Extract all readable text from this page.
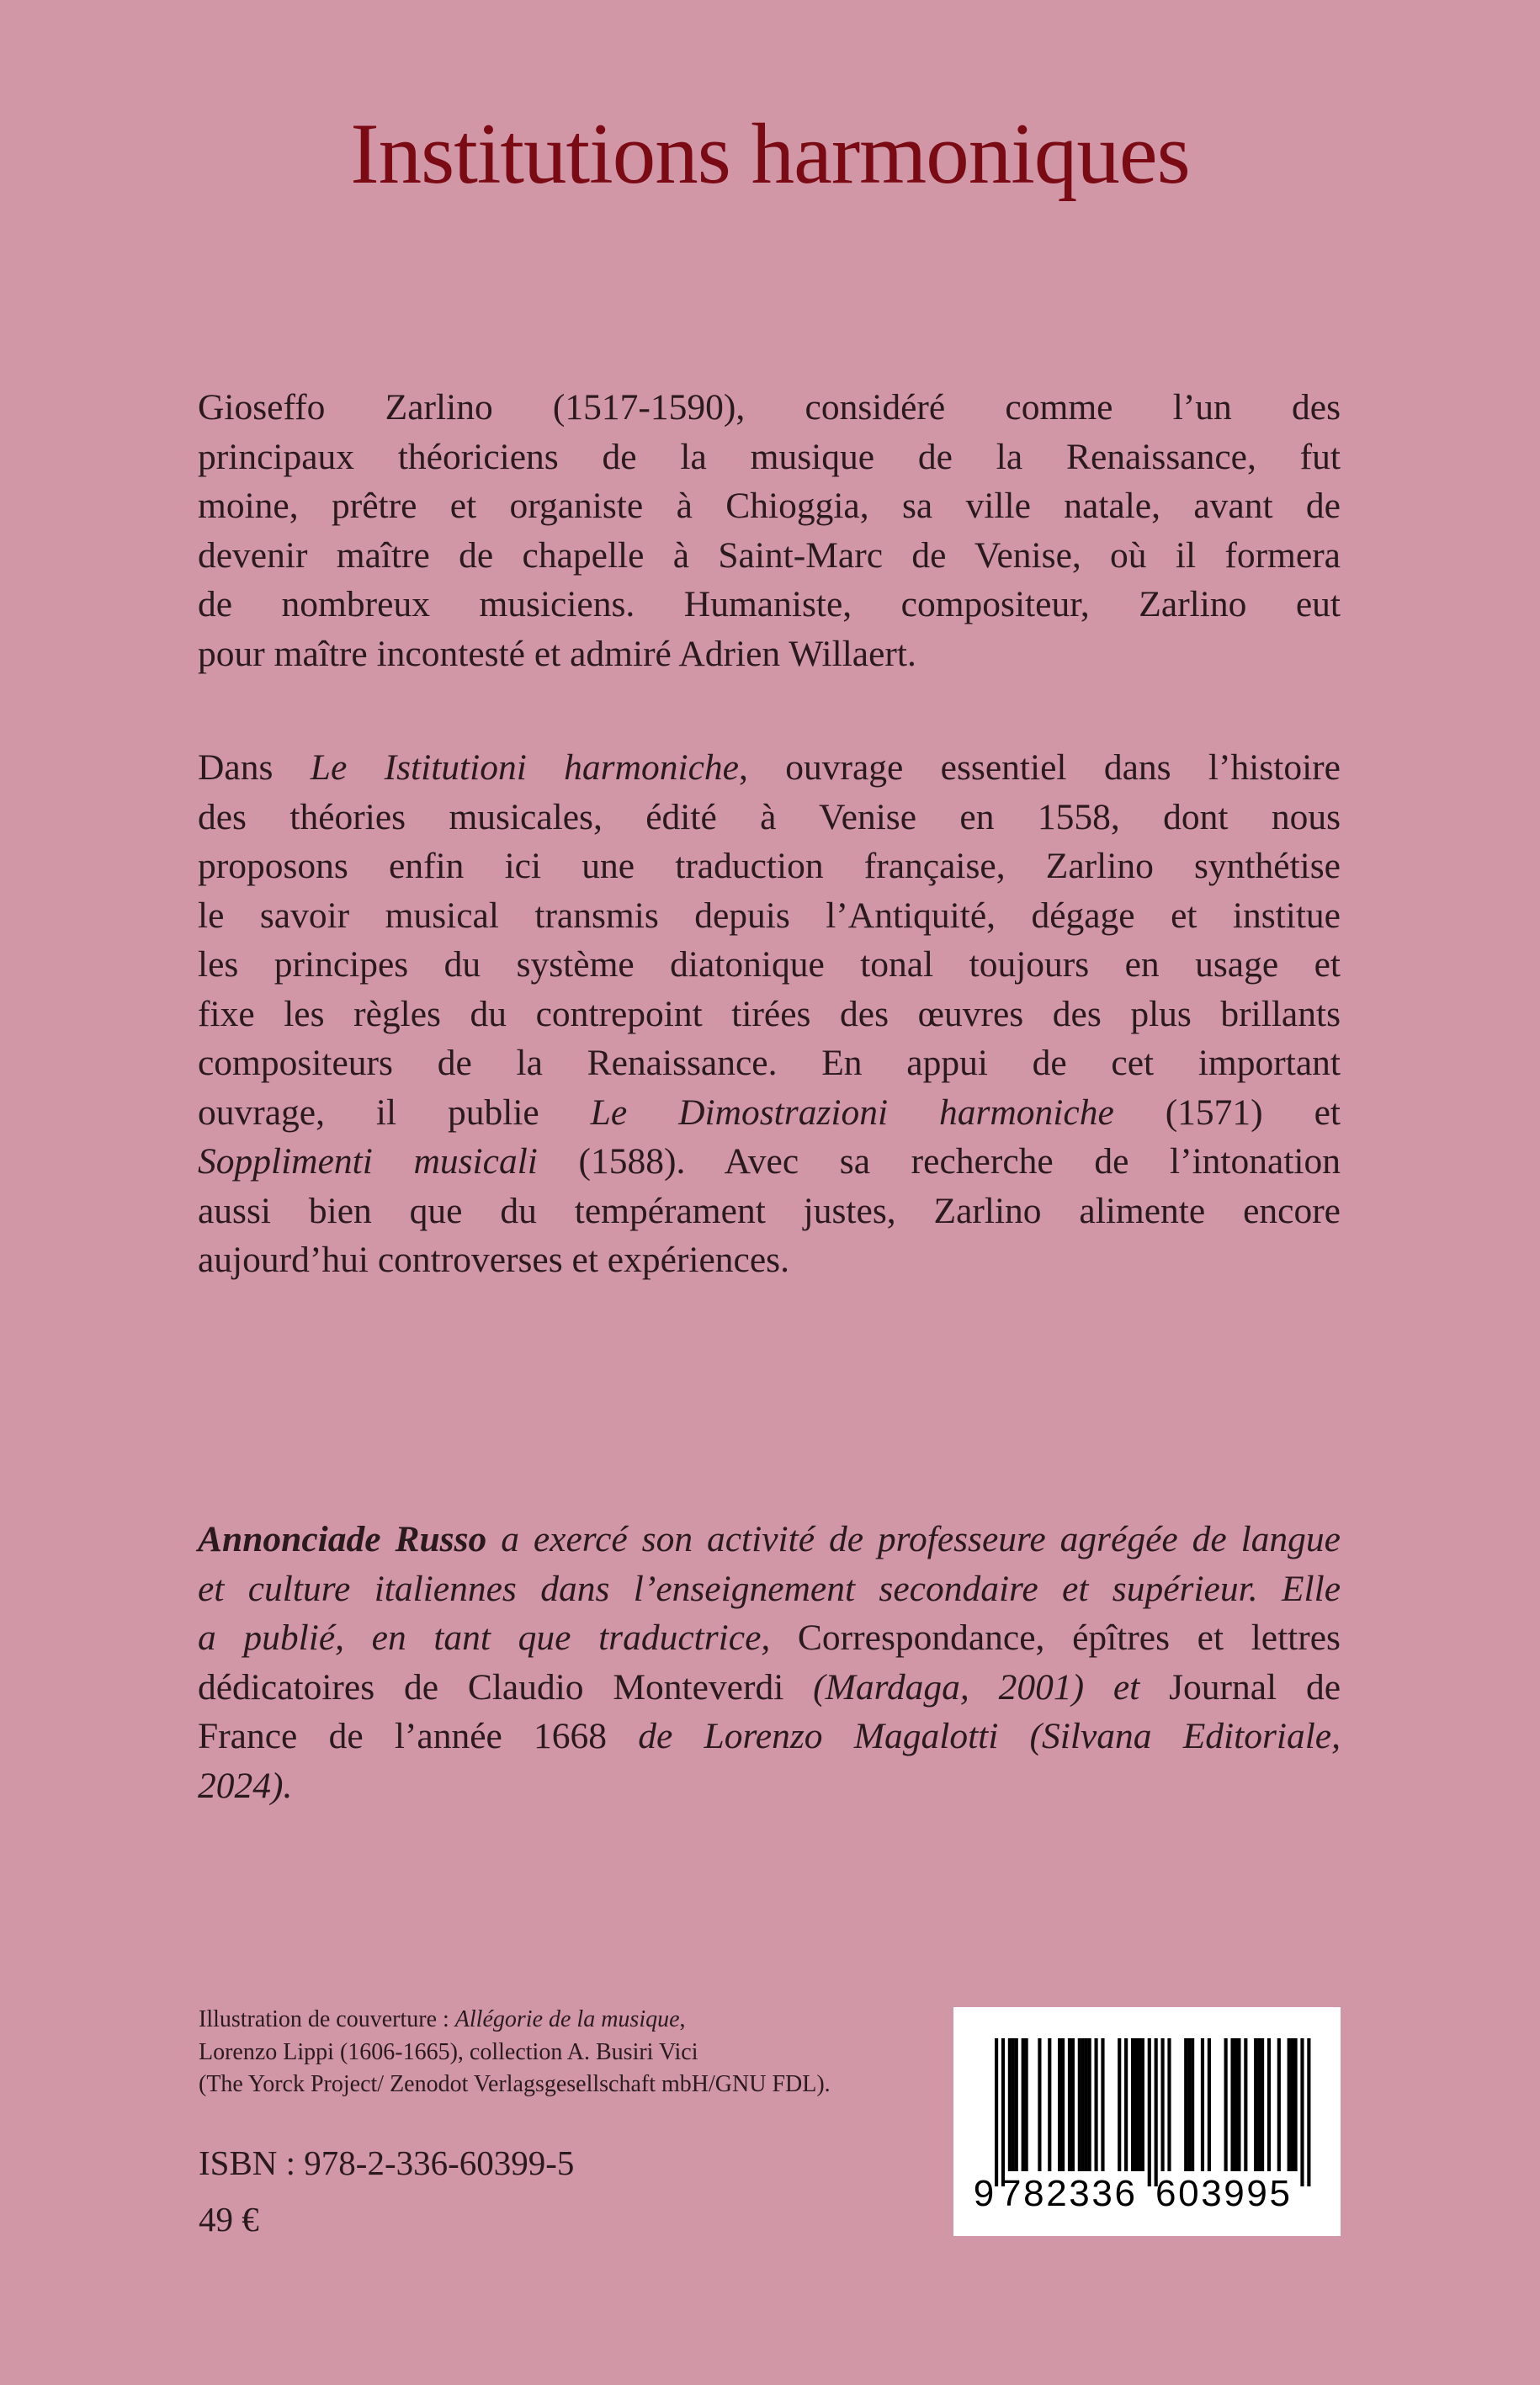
Institutions harmoniques
Gioseffo Zarlino (1517-1590), considéré comme l’un des
principaux théoriciens de la musique de la Renaissance, fut
moine, prêtre et organiste à Chioggia, sa ville natale, avant de
devenir maître de chapelle à Saint-Marc de Venise, où il formera
de nombreux musiciens. Humaniste, compositeur, Zarlino eut
pour maître incontesté et admiré Adrien Willaert.
Dans Le Istitutioni harmoniche, ouvrage essentiel dans l’histoire
des théories musicales, édité à Venise en 1558, dont nous
proposons enfin ici une traduction française, Zarlino synthétise
le savoir musical transmis depuis l’Antiquité, dégage et institue
les principes du système diatonique tonal toujours en usage et
fixe les règles du contrepoint tirées des œuvres des plus brillants
compositeurs de la Renaissance. En appui de cet important
ouvrage, il publie Le Dimostrazioni harmoniche (1571) et
Sopplimenti musicali (1588). Avec sa recherche de l’intonation
aussi bien que du tempérament justes, Zarlino alimente encore
aujourd’hui controverses et expériences.
Annonciade Russo a exercé son activité de professeure agrégée de langue
et culture italiennes dans l’enseignement secondaire et supérieur. Elle
a publié, en tant que traductrice, Correspondance, épîtres et lettres
dédicatoires de Claudio Monteverdi (Mardaga, 2001) et Journal de
France de l’année 1668 de Lorenzo Magalotti (Silvana Editoriale,
2024).
Illustration de couverture : Allégorie de la musique,
Lorenzo Lippi (1606-1665), collection A. Busiri Vici
(The Yorck Project/ Zenodot Verlagsgesellschaft mbH/GNU FDL).
ISBN : 978-2-336-60399-5
49 €
9 782336 603995
